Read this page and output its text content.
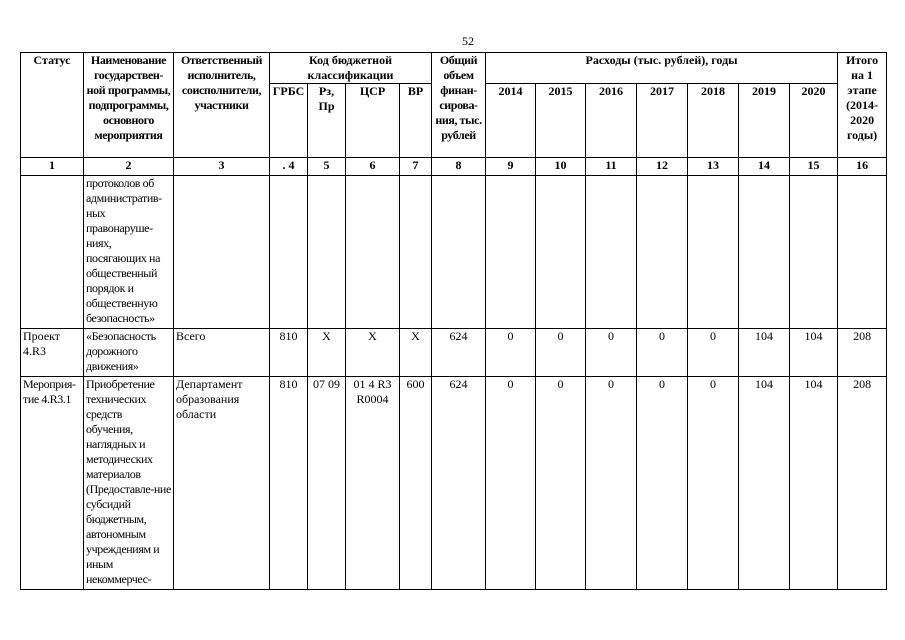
52
Статус	Наименование государствен-ной программы, подпрограммы, основного мероприятия	Ответственный исполнитель, соисполнители, участники	Код бюджетной классификации				Общий объем финан-сирова-ния, тыс. рублей	Расходы (тыс. рублей), годы							Итого на 1 этапе (2014-2020 годы)
			ГРБС	Рз, Пр	ЦСР	ВР		2014	2015	2016	2017	2018	2019	2020	
1	2	3	. 4	5	6	7	8	9	10	11	12	13	14	15	16
	протоколов об административ-ных правонаруше-ниях, посягающих на общественный порядок и общественную безопасность»														
Проект 4.R3	«Безопасность дорожного движения»	Всего	810	X	X	X	624	0	0	0	0	0	104	104	208
Мероприя-тие 4.R3.1	Приобретение технических средств обучения, наглядных и методических материалов (Предоставле-ние субсидий бюджетным, автономным учреждениям и иным некоммерчес-	Департамент образования области	810	07 09	01 4 R3 R0004	600	624	0	0	0	0	0	104	104	208
